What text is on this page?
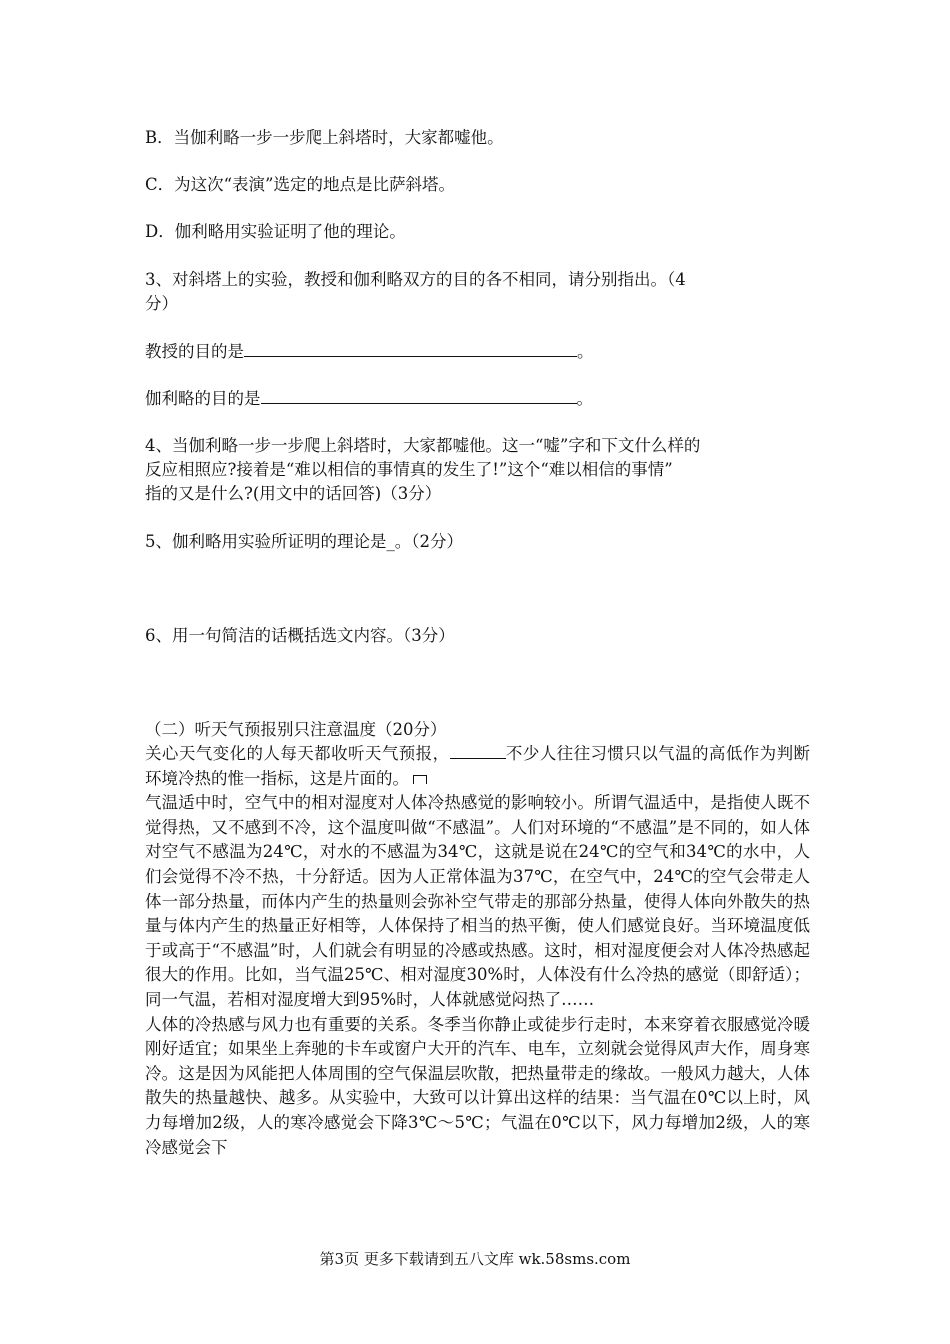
B．当伽利略一步一步爬上斜塔时，大家都嘘他。
C．为这次“表演”选定的地点是比萨斜塔。
D．伽利略用实验证明了他的理论。
3、对斜塔上的实验，教授和伽利略双方的目的各不相同，请分别指出。（4
分）
教授的目的是	。
伽利略的目的是	。
4、当伽利略一步一步爬上斜塔时，大家都嘘他。这一“嘘”字和下文什么样的
反应相照应?接着是“难以相信的事情真的发生了!”这个“难以相信的事情”
指的又是什么?(用文中的话回答)（3分）
5、伽利略用实验所证明的理论是_。（2分）
6、用一句简洁的话概括选文内容。（3分）
（二）听天气预报别只注意温度（20分）

关心天气变化的人每天都收听天气预报，	不少人往往习惯只以气温的高低作为判断环境冷热的惟一指标，这是片面的。

气温适中时，空气中的相对湿度对人体冷热感觉的影响较小。所谓气温适中，是指使人既不觉得热，又不感到不冷，这个温度叫做“不感温”。人们对环境的“不感温”是不同的，如人体对空气不感温为24℃，对水的不感温为34℃，这就是说在24℃的空气和34℃的水中，人们会觉得不冷不热，十分舒适。因为人正常体温为37℃，在空气中，24℃的空气会带走人体一部分热量，而体内产生的热量则会弥补空气带走的那部分热量，使得人体向外散失的热量与体内产生的热量正好相等，人体保持了相当的热平衡，使人们感觉良好。当环境温度低于或高于“不感温”时，人们就会有明显的冷感或热感。这时，相对湿度便会对人体冷热感起很大的作用。比如，当气温25℃、相对湿度30%时，人体没有什么冷热的感觉（即舒适）；同一气温，若相对湿度增大到95%时，人体就感觉闷热了……

人体的冷热感与风力也有重要的关系。冬季当你静止或徒步行走时，本来穿着衣服感觉冷暖刚好适宜；如果坐上奔驰的卡车或窗户大开的汽车、电车，立刻就会觉得风声大作，周身寒冷。这是因为风能把人体周围的空气保温层吹散，把热量带走的缘故。一般风力越大，人体散失的热量越快、越多。从实验中，大致可以计算出这样的结果：当气温在0℃以上时，风力每增加2级，人的寒冷感觉会下降3℃～5℃；气温在0℃以下，风力每增加2级，人的寒冷感觉会下

第3页 更多下载请到五八文库 wk.58sms.com
